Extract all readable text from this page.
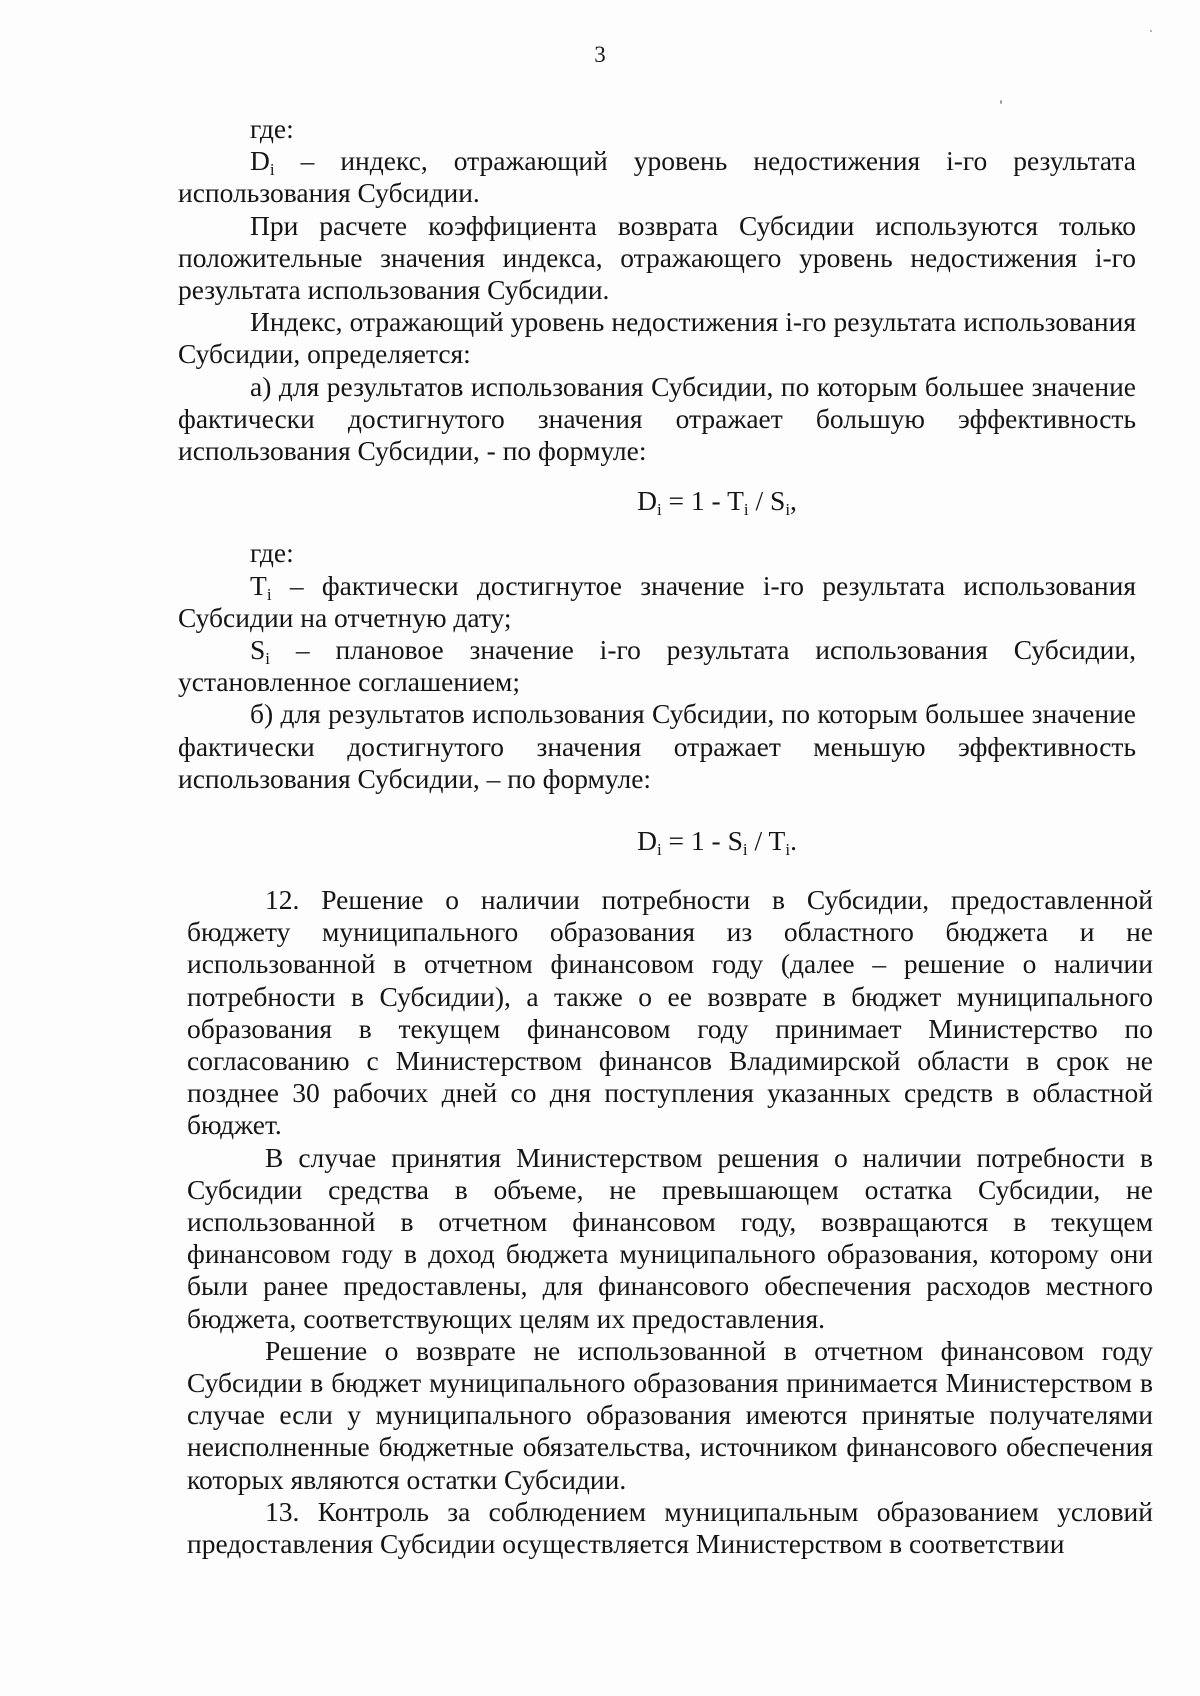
3

где:

$D_i$ – индекс, отражающий уровень недостижения i-го результата использования Субсидии.

При расчете коэффициента возврата Субсидии используются только положительные значения индекса, отражающего уровень недостижения i-го результата использования Субсидии.

Индекс, отражающий уровень недостижения i-го результата использования Субсидии, определяется:

а) для результатов использования Субсидии, по которым большее значение фактически достигнутого значения отражает большую эффективность использования Субсидии, - по формуле:

$D_i = 1 - T_i / S_i$,

где:

$T_i$ – фактически достигнутое значение i-го результата использования Субсидии на отчетную дату;

$S_i$ – плановое значение i-го результата использования Субсидии, установленное соглашением;

б) для результатов использования Субсидии, по которым большее значение фактически достигнутого значения отражает меньшую эффективность использования Субсидии, – по формуле:

$D_i = 1 - S_i / T_i$.

12. Решение о наличии потребности в Субсидии, предоставленной бюджету муниципального образования из областного бюджета и не использованной в отчетном финансовом году (далее – решение о наличии потребности в Субсидии), а также о ее возврате в бюджет муниципального образования в текущем финансовом году принимает Министерство по согласованию с Министерством финансов Владимирской области в срок не позднее 30 рабочих дней со дня поступления указанных средств в областной бюджет.

В случае принятия Министерством решения о наличии потребности в Субсидии средства в объеме, не превышающем остатка Субсидии, не использованной в отчетном финансовом году, возвращаются в текущем финансовом году в доход бюджета муниципального образования, которому они были ранее предоставлены, для финансового обеспечения расходов местного бюджета, соответствующих целям их предоставления.

Решение о возврате не использованной в отчетном финансовом году Субсидии в бюджет муниципального образования принимается Министерством в случае если у муниципального образования имеются принятые получателями неисполненные бюджетные обязательства, источником финансового обеспечения которых являются остатки Субсидии.

13. Контроль за соблюдением муниципальным образованием условий предоставления Субсидии осуществляется Министерством в соответствии
